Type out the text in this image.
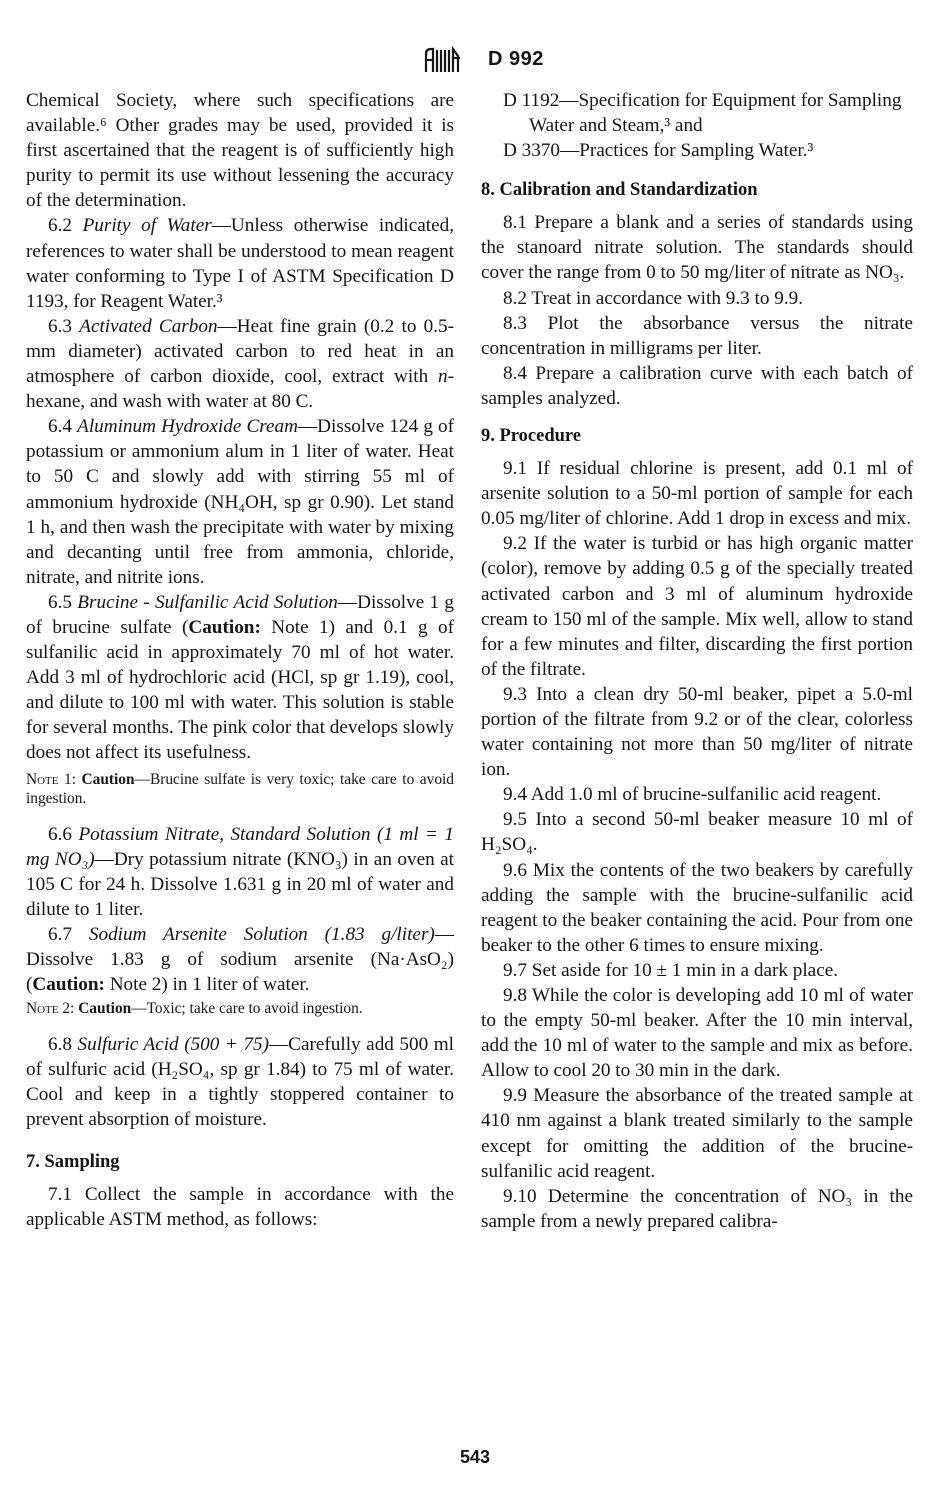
D 992

Chemical Society, where such specifications are available.⁶ Other grades may be used, provided it is first ascertained that the reagent is of sufficiently high purity to permit its use without lessening the accuracy of the determination.

6.2 Purity of Water—Unless otherwise indicated, references to water shall be understood to mean reagent water conforming to Type I of ASTM Specification D 1193, for Reagent Water.³

6.3 Activated Carbon—Heat fine grain (0.2 to 0.5-mm diameter) activated carbon to red heat in an atmosphere of carbon dioxide, cool, extract with n-hexane, and wash with water at 80 C.

6.4 Aluminum Hydroxide Cream—Dissolve 124 g of potassium or ammonium alum in 1 liter of water. Heat to 50 C and slowly add with stirring 55 ml of ammonium hydroxide (NH₄OH, sp gr 0.90). Let stand 1 h, and then wash the precipitate with water by mixing and decanting until free from ammonia, chloride, nitrate, and nitrite ions.

6.5 Brucine - Sulfanilic Acid Solution—Dissolve 1 g of brucine sulfate (Caution: Note 1) and 0.1 g of sulfanilic acid in approximately 70 ml of hot water. Add 3 ml of hydrochloric acid (HCl, sp gr 1.19), cool, and dilute to 100 ml with water. This solution is stable for several months. The pink color that develops slowly does not affect its usefulness.

Note 1: Caution—Brucine sulfate is very toxic; take care to avoid ingestion.

6.6 Potassium Nitrate, Standard Solution (1 ml = 1 mg NO₃)—Dry potassium nitrate (KNO₃) in an oven at 105 C for 24 h. Dissolve 1.631 g in 20 ml of water and dilute to 1 liter.

6.7 Sodium Arsenite Solution (1.83 g/liter)—Dissolve 1.83 g of sodium arsenite (Na·AsO₂) (Caution: Note 2) in 1 liter of water.

Note 2: Caution—Toxic; take care to avoid ingestion.

6.8 Sulfuric Acid (500 + 75)—Carefully add 500 ml of sulfuric acid (H₂SO₄, sp gr 1.84) to 75 ml of water. Cool and keep in a tightly stoppered container to prevent absorption of moisture.

7. Sampling

7.1 Collect the sample in accordance with the applicable ASTM method, as follows:

D 1192—Specification for Equipment for Sampling Water and Steam,³ and
D 3370—Practices for Sampling Water.³
8. Calibration and Standardization

8.1 Prepare a blank and a series of standards using the stanoard nitrate solution. The standards should cover the range from 0 to 50 mg/liter of nitrate as NO₃.

8.2 Treat in accordance with 9.3 to 9.9.

8.3 Plot the absorbance versus the nitrate concentration in milligrams per liter.

8.4 Prepare a calibration curve with each batch of samples analyzed.

9. Procedure

9.1 If residual chlorine is present, add 0.1 ml of arsenite solution to a 50-ml portion of sample for each 0.05 mg/liter of chlorine. Add 1 drop in excess and mix.

9.2 If the water is turbid or has high organic matter (color), remove by adding 0.5 g of the specially treated activated carbon and 3 ml of aluminum hydroxide cream to 150 ml of the sample. Mix well, allow to stand for a few minutes and filter, discarding the first portion of the filtrate.

9.3 Into a clean dry 50-ml beaker, pipet a 5.0-ml portion of the filtrate from 9.2 or of the clear, colorless water containing not more than 50 mg/liter of nitrate ion.

9.4 Add 1.0 ml of brucine-sulfanilic acid reagent.

9.5 Into a second 50-ml beaker measure 10 ml of H₂SO₄.

9.6 Mix the contents of the two beakers by carefully adding the sample with the brucine-sulfanilic acid reagent to the beaker containing the acid. Pour from one beaker to the other 6 times to ensure mixing.

9.7 Set aside for 10 ± 1 min in a dark place.

9.8 While the color is developing add 10 ml of water to the empty 50-ml beaker. After the 10 min interval, add the 10 ml of water to the sample and mix as before. Allow to cool 20 to 30 min in the dark.

9.9 Measure the absorbance of the treated sample at 410 nm against a blank treated similarly to the sample except for omitting the addition of the brucine-sulfanilic acid reagent.

9.10 Determine the concentration of NO₃ in the sample from a newly prepared calibra-

543
